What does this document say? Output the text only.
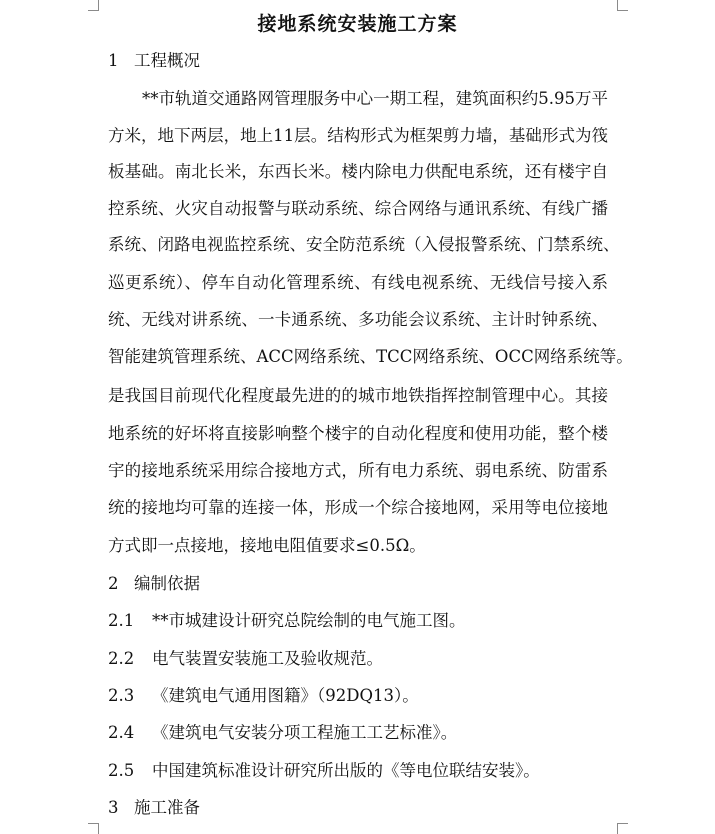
接地系统安装施工方案
1 工程概况
**市轨道交通路网管理服务中心一期工程，建筑面积约5.95万平
方米，地下两层，地上11层。结构形式为框架剪力墙，基础形式为筏
板基础。南北长米，东西长米。楼内除电力供配电系统，还有楼宇自
控系统、火灾自动报警与联动系统、综合网络与通讯系统、有线广播
系统、闭路电视监控系统、安全防范系统（入侵报警系统、门禁系统、
巡更系统）、停车自动化管理系统、有线电视系统、无线信号接入系
统、无线对讲系统、一卡通系统、多功能会议系统、主计时钟系统、
智能建筑管理系统、ACC网络系统、TCC网络系统、OCC网络系统等。
是我国目前现代化程度最先进的的城市地铁指挥控制管理中心。其接
地系统的好坏将直接影响整个楼宇的自动化程度和使用功能，整个楼
宇的接地系统采用综合接地方式，所有电力系统、弱电系统、防雷系
统的接地均可靠的连接一体，形成一个综合接地网，采用等电位接地
方式即一点接地，接地电阻值要求≤0.5Ω。
2 编制依据
2.1 **市城建设计研究总院绘制的电气施工图。
2.2 电气装置安装施工及验收规范。
2.3 《建筑电气通用图籍》（92DQ13）。
2.4 《建筑电气安装分项工程施工工艺标准》。
2.5 中国建筑标准设计研究所出版的《等电位联结安装》。
3 施工准备
